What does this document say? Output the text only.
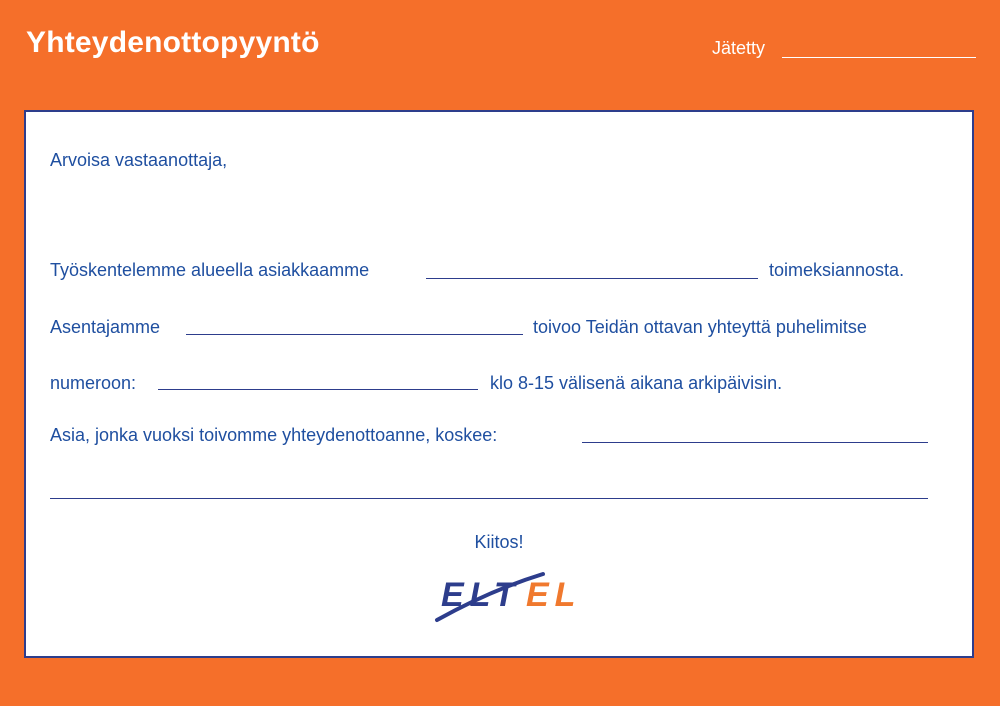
Yhteydenottopyyntö	Jätetty
Arvoisa vastaanottaja,
Työskentelemme alueella asiakkaamme	toimeksiannosta.
Asentajamme	toivoo Teidän ottavan yhteyttä puhelimitse
numeroon:	klo 8-15 välisenä aikana arkipäivisin.
Asia, jonka vuoksi toivomme yhteydenottoanne, koskee:
Kiitos!
ELT EL
